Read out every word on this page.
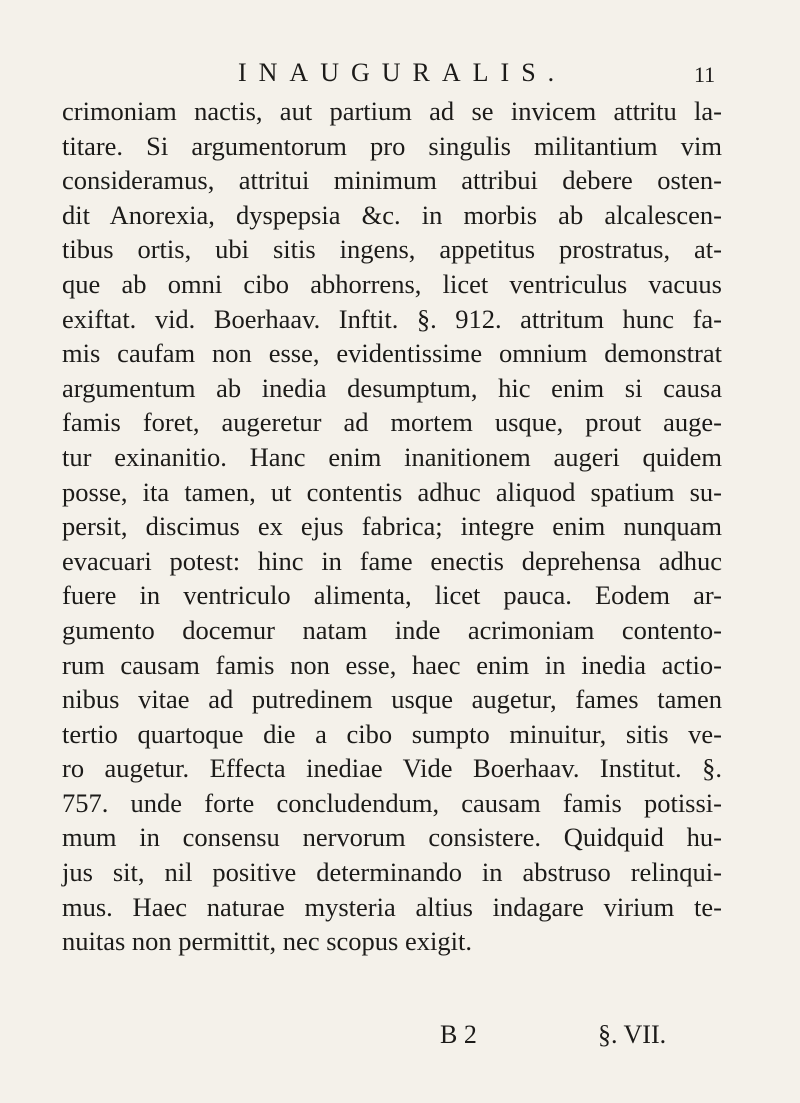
INAUGURALIS.	11
crimoniam nactis, aut partium ad se invicem attritu la-
titare. Si argumentorum pro singulis militantium vim
consideramus, attritui minimum attribui debere osten-
dit Anorexia, dyspepsia &c. in morbis ab alcalescen-
tibus ortis, ubi sitis ingens, appetitus prostratus, at-
que ab omni cibo abhorrens, licet ventriculus vacuus
exiftat. vid. Boerhaav. Inftit. §. 912. attritum hunc fa-
mis caufam non esse, evidentissime omnium demonstrat
argumentum ab inedia desumptum, hic enim si causa
famis foret, augeretur ad mortem usque, prout auge-
tur exinanitio. Hanc enim inanitionem augeri quidem
posse, ita tamen, ut contentis adhuc aliquod spatium su-
persit, discimus ex ejus fabrica; integre enim nunquam
evacuari potest: hinc in fame enectis deprehensa adhuc
fuere in ventriculo alimenta, licet pauca. Eodem ar-
gumento docemur natam inde acrimoniam contento-
rum causam famis non esse, haec enim in inedia actio-
nibus vitae ad putredinem usque augetur, fames tamen
tertio quartoque die a cibo sumpto minuitur, sitis ve-
ro augetur. Effecta inediae Vide Boerhaav. Institut. §.
757. unde forte concludendum, causam famis potissi-
mum in consensu nervorum consistere. Quidquid hu-
jus sit, nil positive determinando in abstruso relinqui-
mus. Haec naturae mysteria altius indagare virium te-
nuitas non permittit, nec scopus exigit.
B 2	§. VII.
